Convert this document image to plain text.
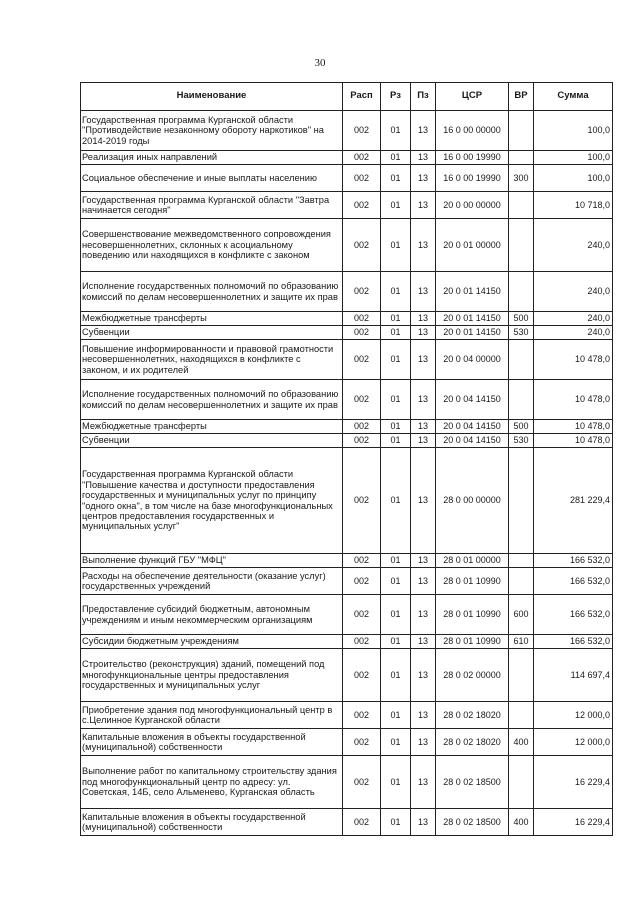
30
Наименование	Расп	Рз	Пз	ЦСР	ВР	Сумма
Государственная программа Курганской области "Противодействие незаконному обороту наркотиков" на 2014-2019 годы	002	01	13	16 0 00 00000		100,0
Реализация иных направлений	002	01	13	16 0 00 19990		100,0
Социальное обеспечение и иные выплаты населению	002	01	13	16 0 00 19990	300	100,0
Государственная программа Курганской области "Завтра начинается сегодня"	002	01	13	20 0 00 00000		10 718,0
Совершенствование межведомственного сопровождения несовершеннолетних, склонных к асоциальному поведению или находящихся в конфликте с законом	002	01	13	20 0 01 00000		240,0
Исполнение государственных полномочий по образованию комиссий по делам несовершеннолетних и защите их прав	002	01	13	20 0 01 14150		240,0
Межбюджетные трансферты	002	01	13	20 0 01 14150	500	240,0
Субвенции	002	01	13	20 0 01 14150	530	240,0
Повышение информированности и правовой грамотности несовершеннолетних, находящихся в конфликте с законом, и их родителей	002	01	13	20 0 04 00000		10 478,0
Исполнение государственных полномочий по образованию комиссий по делам несовершеннолетних и защите их прав	002	01	13	20 0 04 14150		10 478,0
Межбюджетные трансферты	002	01	13	20 0 04 14150	500	10 478,0
Субвенции	002	01	13	20 0 04 14150	530	10 478,0
Государственная программа Курганской области "Повышение качества и доступности предоставления государственных и муниципальных услуг по принципу "одного окна", в том числе на базе многофункциональных центров предоставления государственных и муниципальных услуг"	002	01	13	28 0 00 00000		281 229,4
Выполнение функций ГБУ "МФЦ"	002	01	13	28 0 01 00000		166 532,0
Расходы на обеспечение деятельности (оказание услуг) государственных учреждений	002	01	13	28 0 01 10990		166 532,0
Предоставление субсидий бюджетным, автономным учреждениям и иным некоммерческим организациям	002	01	13	28 0 01 10990	600	166 532,0
Субсидии бюджетным учреждениям	002	01	13	28 0 01 10990	610	166 532,0
Строительство (реконструкция) зданий, помещений под многофункциональные центры предоставления государственных и муниципальных услуг	002	01	13	28 0 02 00000		114 697,4
Приобретение здания под многофункциональный центр в с.Целинное Курганской области	002	01	13	28 0 02 18020		12 000,0
Капитальные вложения в объекты государственной (муниципальной) собственности	002	01	13	28 0 02 18020	400	12 000,0
Выполнение работ по капитальному строительству здания под многофункциональный центр по адресу: ул. Советская, 14Б, село Альменево, Курганская область	002	01	13	28 0 02 18500		16 229,4
Капитальные вложения в объекты государственной (муниципальной) собственности	002	01	13	28 0 02 18500	400	16 229,4
